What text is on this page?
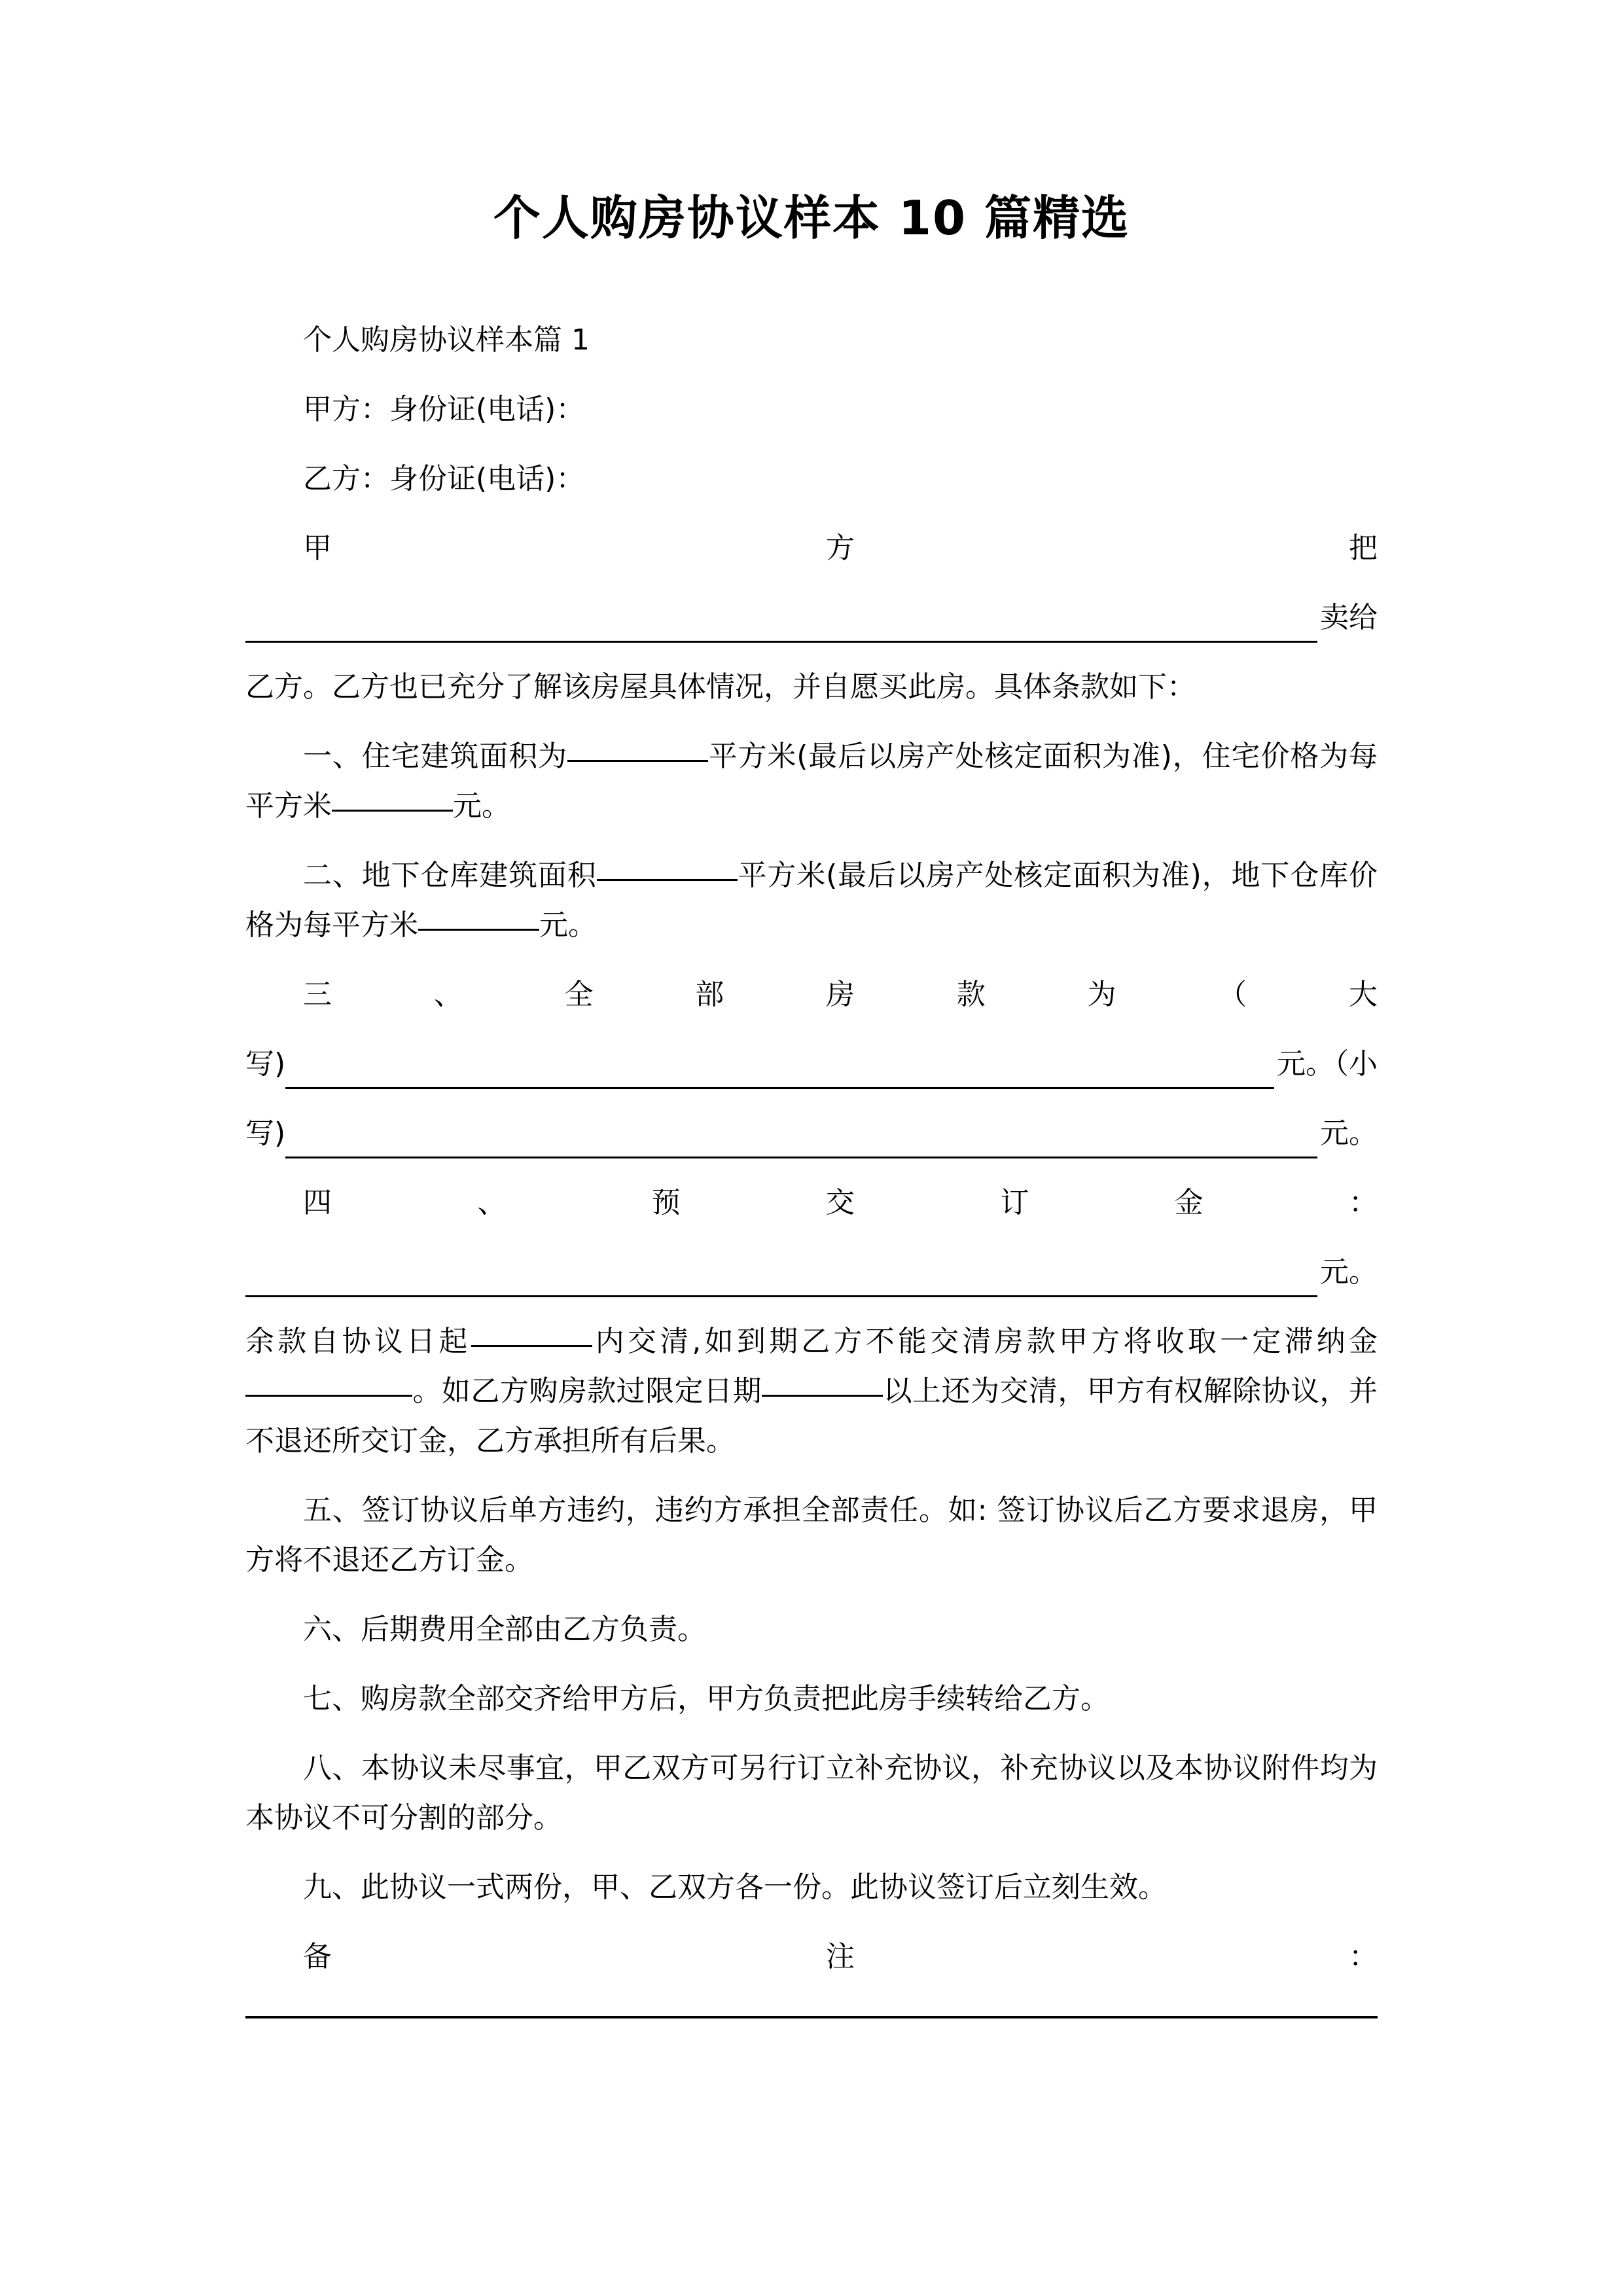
个人购房协议样本 10 篇精选

个人购房协议样本篇 1

甲方：身份证(电话)：

乙方：身份证(电话)：

甲 方 把

卖给

乙方。乙方也已充分了解该房屋具体情况，并自愿买此房。具体条款如下：

一、住宅建筑面积为	平方米(最后以房产处核定面积为准)，住宅价格为每平方米	元。

二、地下仓库建筑面积	平方米(最后以房产处核定面积为准)，地下仓库价格为每平方米	元。

三 、 全 部 房 款 为 （ 大

写)	元。（小
写)	元。

四 、 预 交 订 金 ：

元。

余款自协议日起	内交清,如到期乙方不能交清房款甲方将收取一定滞纳金。如乙方购房款过限定日期	以上还为交清，甲方有权解除协议，并不退还所交订金，乙方承担所有后果。

五、签订协议后单方违约，违约方承担全部责任。如: 签订协议后乙方要求退房，甲方将不退还乙方订金。

六、后期费用全部由乙方负责。

七、购房款全部交齐给甲方后，甲方负责把此房手续转给乙方。

八、本协议未尽事宜，甲乙双方可另行订立补充协议，补充协议以及本协议附件均为本协议不可分割的部分。

九、此协议一式两份，甲、乙双方各一份。此协议签订后立刻生效。

备 注 ：
